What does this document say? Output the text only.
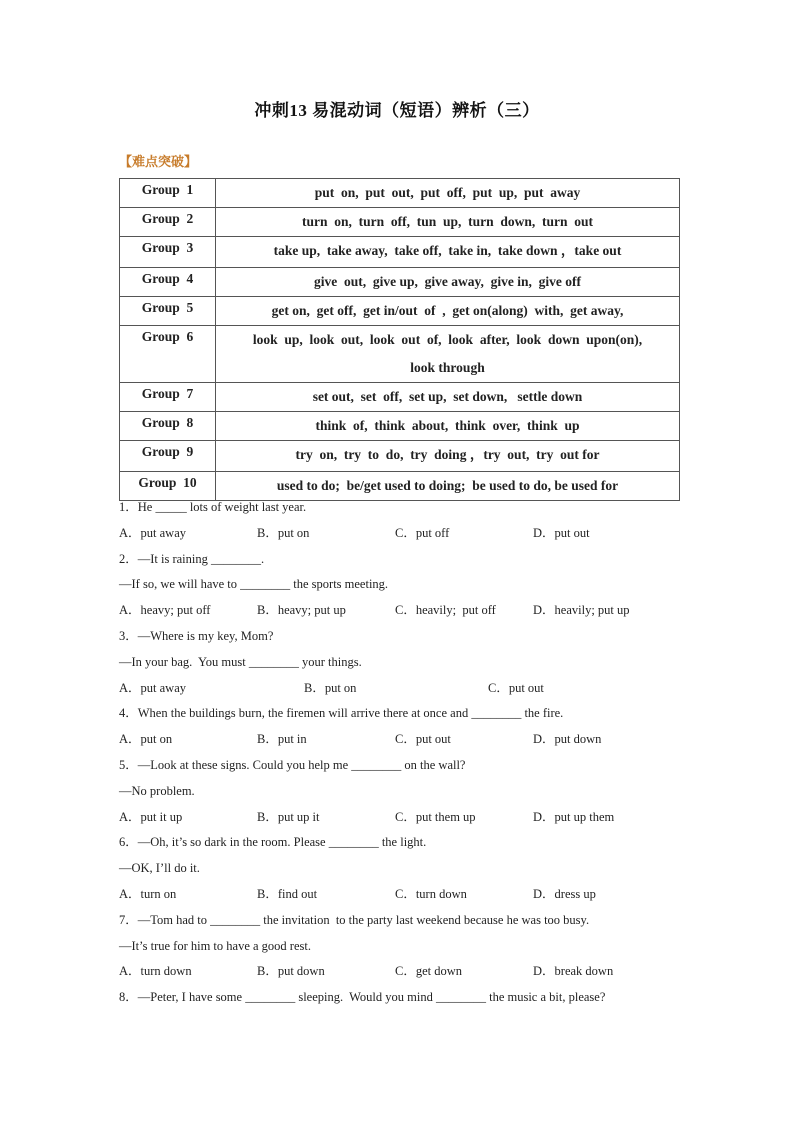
冲刺13 易混动词（短语）辨析（三）
【难点突破】
Group  1	put  on,  put  out,  put  off,  put  up,  put  away

Group  2	turn  on,  turn  off,  tun  up,  turn  down,  turn  out

Group  3	take up,  take away,  take off,  take in,  take down ，take out

Group  4	give  out,  give up,  give away,  give in,  give off

Group  5	get on,  get off,  get in/out  of  ,  get on(along)  with,  get away,

Group  6	look  up,  look  out,  look  out  of,  look  after,  look  down  upon(on),
look through

Group  7	set out,  set  off,  set up,  set down,   settle down

Group  8	think  of,  think  about,  think  over,  think  up

Group  9	try  on,  try  to  do,  try  doing ，try  out,  try  out for

Group  10	used to do;  be/get used to doing;  be used to do, be used for
1．He _____ lots of weight last year.
A．put away	B．put on	C．put off	D．put out
2．—It is raining ________.
—If so, we will have to ________ the sports meeting.
A．heavy; put off	B．heavy; put up	C．heavily;  put off	D．heavily; put up
3．—Where is my key, Mom?
—In your bag.  You must ________ your things.
A．put away	B．put on	C．put out
4．When the buildings burn, the firemen will arrive there at once and ________ the fire.
A．put on	B．put in	C．put out	D．put down
5．—Look at these signs. Could you help me ________ on the wall?
—No problem.
A．put it up	B．put up it	C．put them up	D．put up them
6．—Oh, it’s so dark in the room. Please ________ the light.
—OK, I’ll do it.
A．turn on	B．find out	C．turn down	D．dress up
7．—Tom had to ________ the invitation  to the party last weekend because he was too busy.
—It’s true for him to have a good rest.
A．turn down	B．put down	C．get down	D．break down
8．—Peter, I have some ________ sleeping.  Would you mind ________ the music a bit, please?
